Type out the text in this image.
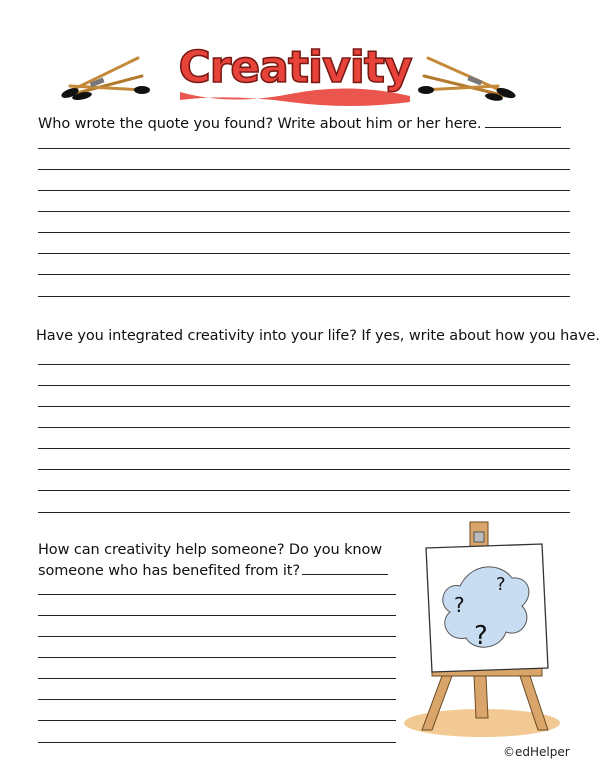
Creativity
Who wrote the quote you found? Write about him or her here.
Have you integrated creativity into your life? If yes, write about how you have.
How can creativity help someone? Do you know
someone who has benefited from it?
?
?
?
©edHelper
